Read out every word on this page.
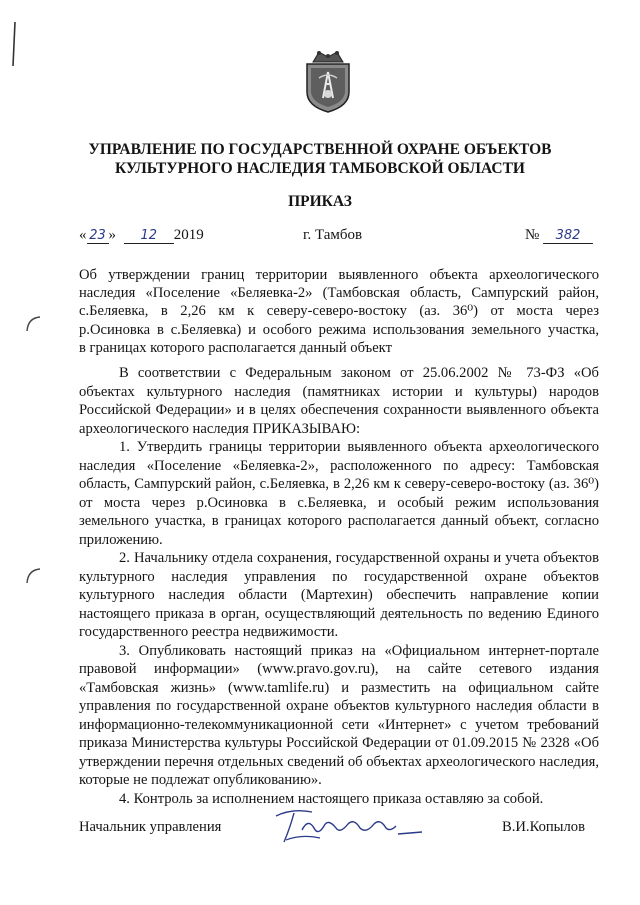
УПРАВЛЕНИЕ ПО ГОСУДАРСТВЕННОЙ ОХРАНЕ ОБЪЕКТОВ

КУЛЬТУРНОГО НАСЛЕДИЯ ТАМБОВСКОЙ ОБЛАСТИ

ПРИКАЗ
« 23 » 12 2019	г. Тамбов	№ 382
Об утверждении границ территории выявленного объекта археологического
наследия «Поселение «Беляевка-2» (Тамбовская область, Сампурский район,
с.Беляевка, в 2,26 км к северу-северо-востоку (аз. 36⁰) от моста через
р.Осиновка в с.Беляевка) и особого режима использования земельного участка,
в границах которого располагается данный объект

В соответствии с Федеральным законом от 25.06.2002 № 73-ФЗ «Об объектах культурного наследия (памятниках истории и культуры) народов Российской Федерации» и в целях обеспечения сохранности выявленного объекта археологического наследия ПРИКАЗЫВАЮ:

1. Утвердить границы территории выявленного объекта археологического наследия «Поселение «Беляевка-2», расположенного по адресу: Тамбовская область, Сампурский район, с.Беляевка, в 2,26 км к северу-северо-востоку (аз. 36⁰) от моста через р.Осиновка в с.Беляевка, и особый режим использования земельного участка, в границах которого располагается данный объект, согласно приложению.

2. Начальнику отдела сохранения, государственной охраны и учета объектов культурного наследия управления по государственной охране объектов культурного наследия области (Мартехин) обеспечить направление копии настоящего приказа в орган, осуществляющий деятельность по ведению Единого государственного реестра недвижимости.

3. Опубликовать настоящий приказ на «Официальном интернет-портале правовой информации» (www.pravo.gov.ru), на сайте сетевого издания «Тамбовская жизнь» (www.tamlife.ru) и разместить на официальном сайте управления по государственной охране объектов культурного наследия области в информационно-телекоммуникационной сети «Интернет» с учетом требований приказа Министерства культуры Российской Федерации от 01.09.2015 № 2328 «Об утверждении перечня отдельных сведений об объектах археологического наследия, которые не подлежат опубликованию».

4. Контроль за исполнением настоящего приказа оставляю за собой.

Начальник управления	В.И.Копылов
